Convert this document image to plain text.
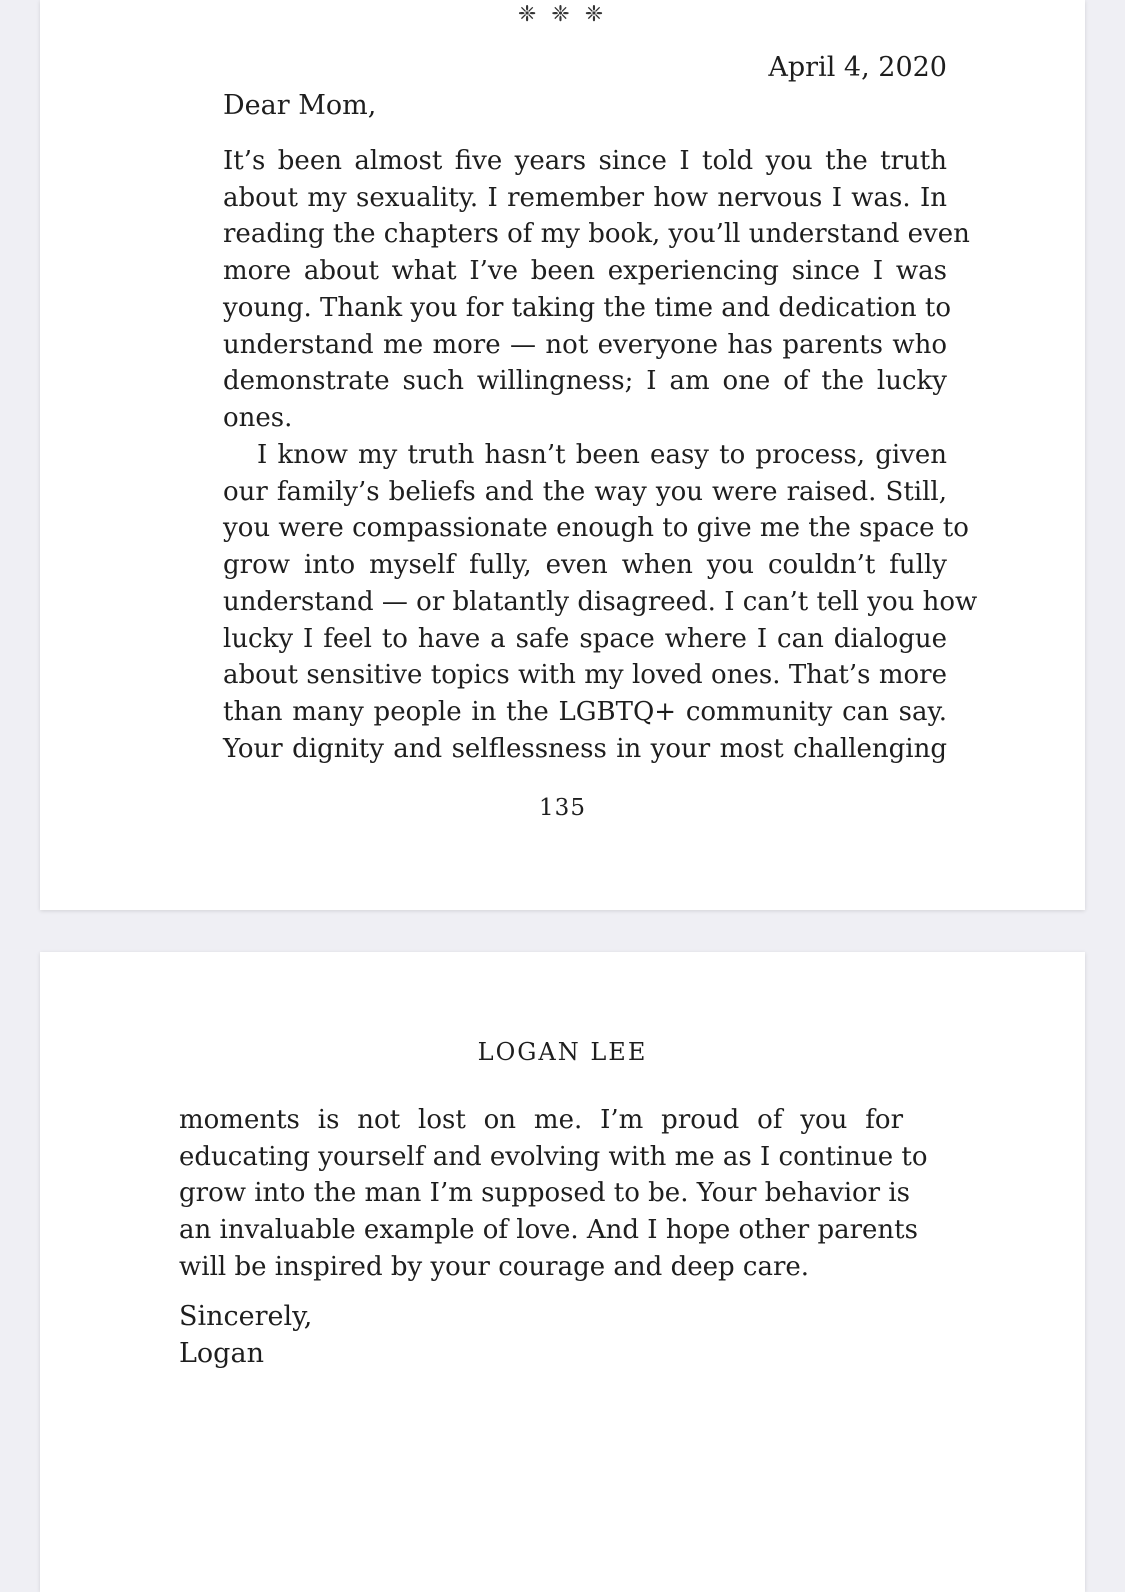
❈ ❈ ❈
April 4, 2020
Dear Mom,
It’s been almost five years since I told you the truth
about my sexuality. I remember how nervous I was. In
reading the chapters of my book, you’ll understand even
more about what I’ve been experiencing since I was
young. Thank you for taking the time and dedication to
understand me more — not everyone has parents who
demonstrate such willingness; I am one of the lucky
ones.
I know my truth hasn’t been easy to process, given
our family’s beliefs and the way you were raised. Still,
you were compassionate enough to give me the space to
grow into myself fully, even when you couldn’t fully
understand — or blatantly disagreed. I can’t tell you how
lucky I feel to have a safe space where I can dialogue
about sensitive topics with my loved ones. That’s more
than many people in the LGBTQ+ community can say.
Your dignity and selflessness in your most challenging
135
LOGAN LEE
moments is not lost on me. I’m proud of you for
educating yourself and evolving with me as I continue to
grow into the man I’m supposed to be. Your behavior is
an invaluable example of love. And I hope other parents
will be inspired by your courage and deep care.
Sincerely,
Logan
